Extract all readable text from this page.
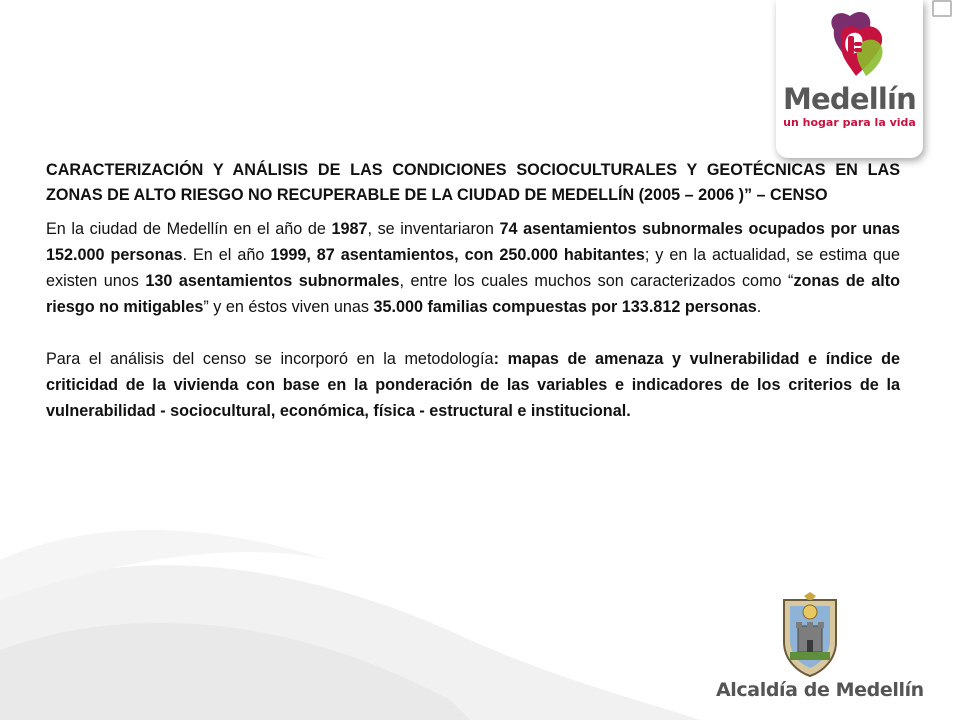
Medellín
un hogar para la vida

CARACTERIZACIÓN Y ANÁLISIS DE LAS CONDICIONES SOCIOCULTURALES Y GEOTÉCNICAS EN LAS ZONAS DE ALTO RIESGO NO RECUPERABLE DE LA CIUDAD DE MEDELLÍN (2005 – 2006 )” – CENSO

En la ciudad de Medellín en el año de 1987, se inventariaron 74 asentamientos subnormales ocupados por unas 152.000 personas. En el año 1999, 87 asentamientos, con 250.000 habitantes; y en la actualidad, se estima que existen unos 130 asentamientos subnormales, entre los cuales muchos son caracterizados como “zonas de alto riesgo no mitigables” y en éstos viven unas 35.000 familias compuestas por 133.812 personas.

Para el análisis del censo se incorporó en la metodología: mapas de amenaza y vulnerabilidad e índice de criticidad de la vivienda con base en la ponderación de las variables e indicadores de los criterios de la vulnerabilidad - sociocultural, económica, física - estructural e institucional.

Alcaldía de Medellín
